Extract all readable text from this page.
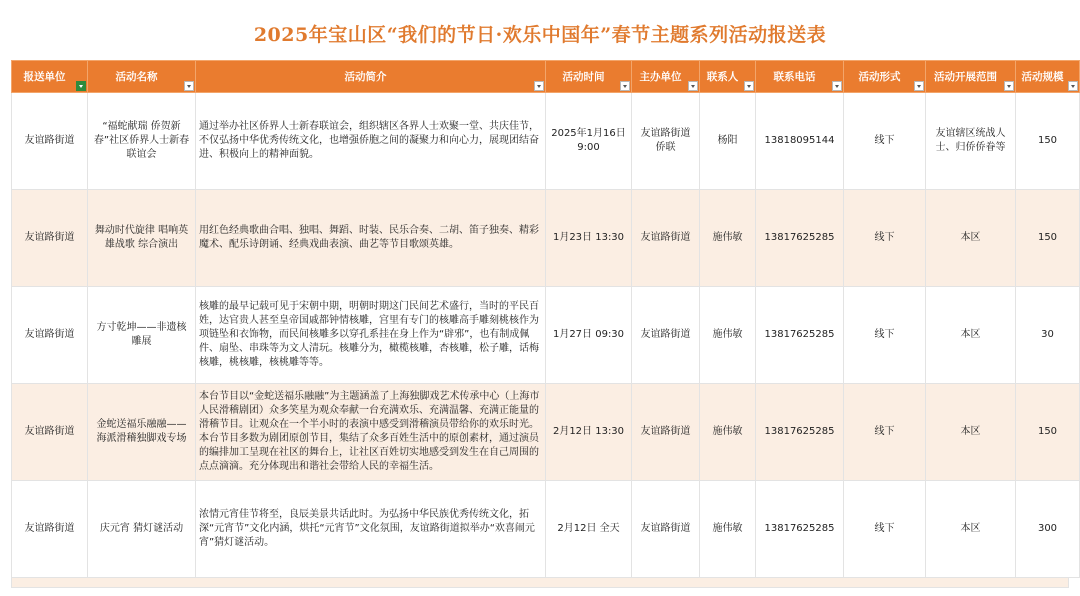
2025年宝山区“我们的节日·欢乐中国年”春节主题系列活动报送表
报送单位	活动名称	活动简介	活动时间	主办单位	联系人	联系电话	活动形式	活动开展范围	活动规模

友谊路街道	“福蛇献瑞 侨贺新春”社区侨界人士新春联谊会	通过举办社区侨界人士新春联谊会，组织辖区各界人士欢聚一堂、共庆佳节，不仅弘扬中华优秀传统文化，也增强侨胞之间的凝聚力和向心力，展现团结奋进、积极向上的精神面貌。	2025年1月16日 9:00	友谊路街道侨联	杨阳	13818095144	线下	友谊辖区统战人士、归侨侨眷等	150
友谊路街道	舞动时代旋律 唱响英雄战歌 综合演出	用红色经典歌曲合唱、独唱、舞蹈、时装、民乐合奏、二胡、笛子独奏、精彩魔术、配乐诗朗诵、经典戏曲表演、曲艺等节目歌颂英雄。	1月23日 13:30	友谊路街道	施伟敏	13817625285	线下	本区	150
友谊路街道	方寸乾坤——非遗核雕展	核雕的最早记载可见于宋朝中期，明朝时期这门民间艺术盛行，当时的平民百姓，达官贵人甚至皇帝国戚都钟情核雕，宫里有专门的核雕高手雕刻桃核作为项链坠和衣饰物，而民间核雕多以穿孔系挂在身上作为“辟邪”，也有制成佩件、扇坠、串珠等为文人清玩。核雕分为，橄榄核雕，杏核雕，松子雕，话梅核雕，桃核雕，核桃雕等等。	1月27日 09:30	友谊路街道	施伟敏	13817625285	线下	本区	30
友谊路街道	金蛇送福乐融融——海派滑稽独脚戏专场	本台节目以“金蛇送福乐融融”为主题涵盖了上海独脚戏艺术传承中心（上海市人民滑稽剧团）众多笑星为观众奉献一台充满欢乐、充满温馨、充满正能量的滑稽节目。让观众在一个半小时的表演中感受到滑稽演员带给你的欢乐时光。本台节目多数为剧团原创节目，集结了众多百姓生活中的原创素材，通过演员的编排加工呈现在社区的舞台上，让社区百姓切实地感受到发生在自己周围的点点滴滴。充分体现出和谐社会带给人民的幸福生活。	2月12日 13:30	友谊路街道	施伟敏	13817625285	线下	本区	150
友谊路街道	庆元宵 猜灯谜活动	浓情元宵佳节将至，良辰美景共话此时。为弘扬中华民族优秀传统文化，拓深“元宵节”文化内涵，烘托“元宵节”文化氛围，友谊路街道拟举办“欢喜闹元宵”猜灯谜活动。	2月12日 全天	友谊路街道	施伟敏	13817625285	线下	本区	300
